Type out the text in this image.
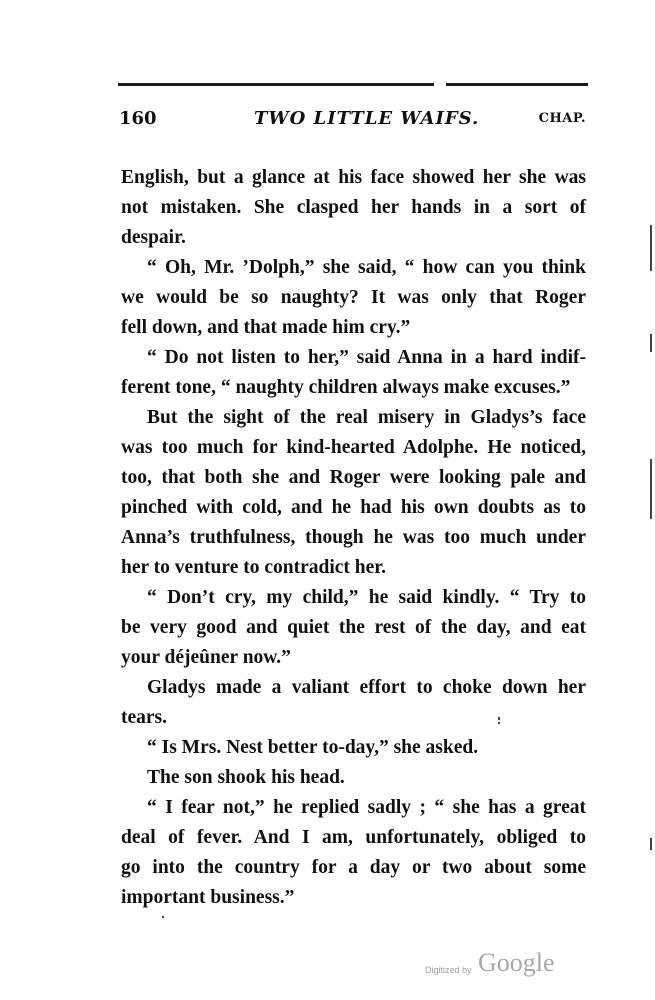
160	TWO LITTLE WAIFS.	CHAP.
English, but a glance at his face showed her she was
not mistaken. She clasped her hands in a sort of
despair.
“ Oh, Mr. ’Dolph,” she said, “ how can you think
we would be so naughty? It was only that Roger
fell down, and that made him cry.”
“ Do not listen to her,” said Anna in a hard indif-
ferent tone, “ naughty children always make excuses.”
But the sight of the real misery in Gladys’s face
was too much for kind-hearted Adolphe. He noticed,
too, that both she and Roger were looking pale and
pinched with cold, and he had his own doubts as to
Anna’s truthfulness, though he was too much under
her to venture to contradict her.
“ Don’t cry, my child,” he said kindly. “ Try to
be very good and quiet the rest of the day, and eat
your déjeûner now.”
Gladys made a valiant effort to choke down her
tears.
“ Is Mrs. Nest better to-day,” she asked.
The son shook his head.
“ I fear not,” he replied sadly ; “ she has a great
deal of fever. And I am, unfortunately, obliged to
go into the country for a day or two about some
important business.”
Digitized by Google
